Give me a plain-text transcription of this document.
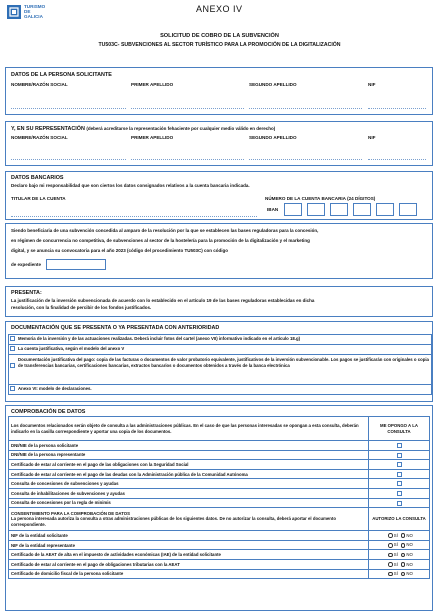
TURISMO
DE
GALICIA
ANEXO IV
SOLICITUD DE COBRO DE LA SUBVENCIÓN
TU503C- SUBVENCIONES AL SECTOR TURÍSTICO PARA LA PROMOCIÓN DE LA DIGITALIZACIÓN
DATOS DE LA PERSONA SOLICITANTE
NOMBRE/RAZÓN SOCIAL	PRIMER APELLIDO	SEGUNDO APELLIDO	NIF
Y, EN SU REPRESENTACIÓN (deberá acreditarse la representación fehaciente por cualquier medio válido en derecho)
NOMBRE/RAZÓN SOCIAL	PRIMER APELLIDO	SEGUNDO APELLIDO	NIF
DATOS BANCARIOS
Declaro bajo mi responsabilidad que son ciertos los datos consignados relativos a la cuenta bancaria indicada.
TITULAR DE LA CUENTA	NÚMERO DE LA CUENTA BANCARIA (24 DÍGITOS)
IBAN
Siendo beneficiaria de una subvención concedida al amparo de la resolución por la que se establecen las bases reguladoras para la concesión,
en régimen de concurrencia no competitiva, de subvenciones al sector de la hostelería para la promoción de la digitalización y el marketing
digital, y se anuncia su convocatoria para el año 2023 (código del procedimiento TU503C) con código
de expediente
PRESENTA:
La justificación de la inversión subvencionada de acuerdo con lo establecido en el artículo 19 de las bases reguladoras establecidas en dicha
resolución, con la finalidad de percibir de los fondos justificados.
DOCUMENTACIÓN QUE SE PRESENTA O YA PRESENTADA CON ANTERIORIDAD
Memoria de la inversión y de las actuaciones realizadas. Deberá incluir fotos del cartel (anexo VII) informativo indicado en el artículo 18.g)
La cuenta justificativa, según el modelo del anexo V
Documentación justificativa del pago: copia de las facturas o documentos de valor probatorio equivalente, justificativos de la inversión subvencionable. Los pagos se justificarán con originales o copia de transferencias bancarias, certificaciones bancarias, extractos bancarios o documentos obtenidos a través de la banca electrónica
Anexo VI: modelo de declaraciones.
COMPROBACIÓN DE DATOS
Los documentos relacionados serán objeto de consulta a las administraciones públicas. En el caso de que las personas interesadas se opongan a esta consulta, deberán indicarlo en la casilla correspondiente y aportar una copia de los documentos.	ME OPONGO A LA CONSULTA
DNI/NIE de la persona solicitante	
DNI/NIE de la persona representante	
Certificado de estar al corriente en el pago de las obligaciones con la Seguridad Social	
Certificado de estar al corriente en el pago de las deudas con la Administración pública de la Comunidad Autónoma	
Consulta de concesiones de subvenciones y ayudas	
Consulta de inhabilitaciones de subvenciones y ayudas	
Consulta de concesiones por la regla de minimis	

CONSENTIMIENTO PARA LA COMPROBACIÓN DE DATOS
La persona interesada autoriza la consulta a otras administraciones públicas de los siguientes datos. De no autorizar la consulta, deberá aportar el documento correspondiente.	AUTORIZO LA CONSULTA
NIF de la entidad solicitante	SÍ NO
NIF de la entidad representante	SÍ NO
Certificado de la AEAT de alta en el impuesto de actividades económicas (IAE) de la entidad solicitante	SÍ NO
Certificado de estar al corriente en el pago de obligaciones tributarias con la AEAT	SÍ NO
Certificado de domicilio fiscal de la persona solicitante	SÍ NO
